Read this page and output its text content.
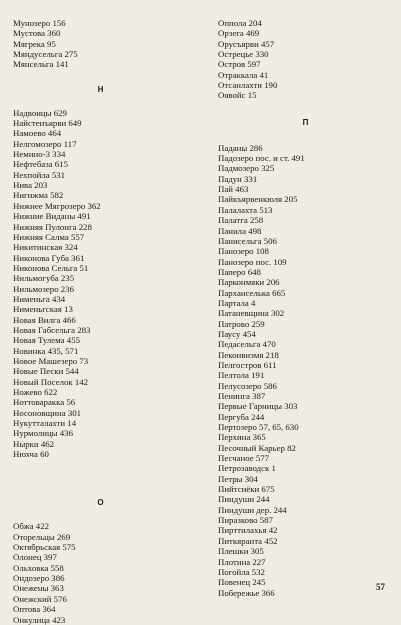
Мунозеро 156
Мустова 360
Мягрека 95
Мяндусельга 275
Мянсельга 141
Н
Надвоицы 629
Найстенъярви 649
Намоево 464
Нелгомозеро 117
Немино-3 334
Нефтебаза 615
Нехпойла 531
Нива 203
Нигижма 582
Нижнее Мягрозеро 362
Нижние Виданы 491
Нижняя Пулонга 228
Нижняя Салма 557
Никитинская 324
Никонова Губа 361
Никонова Сельга 51
Нильмогуба 235
Нильмозеро 236
Нименьга 434
Нименьгская 13
Новая Вилга 466
Новая Габсельга 283
Новая Тулема 455
Новинка 435, 571
Новое Машезеро 73
Новые Пески 544
Новый Поселок 142
Ножево 622
Ноттоваракка 56
Носоновщина 301
Нукутталахти 14
Нурмолицы 436
Нырки 462
Нюхча 60
О
Обжа 422
Оторельцы 269
Октябрьская 575
Олонец 397
Ольховка 558
Ондозеро 386
Онежены 363
Онежский 576
Оптова 364
Онкулица 423
Оппола 204
Орзега 469
Орусъярви 457
Острецье 330
Остров 597
Отраккала 41
Отсанлахти 190
Оявойс 15
П
Паданы 286
Падозеро пос. и ст. 491
Падмозеро 325
Падун 331
Пай 463
Пайкъярвенкюля 205
Палалахта 513
Палатга 258
Панила 498
Панисельга 506
Панозеро 108
Панозеро пос. 109
Паперо 648
Парконмяки 206
Парханселька 665
Партала 4
Патаневщина 302
Патрово 259
Паусу 454
Педасельга 470
Пеконвиэмя 218
Пелгостров 611
Пелтола 191
Пелусозеро 586
Пенинга 387
Первые Гарницы 303
Пергуба 244
Пертозеро 57, 65, 630
Перхина 365
Песочный Карьер 82
Песчаное 577
Петрозаводск 1
Петры 304
Пийтсиёки 675
Пиндуши 244
Пиндуши дер. 244
Пиразково 587
Пирттилахья 42
Питкяранта 452
Плешки 305
Плотина 227
Погойла 532
Повенец 245
Побережье 366
57
